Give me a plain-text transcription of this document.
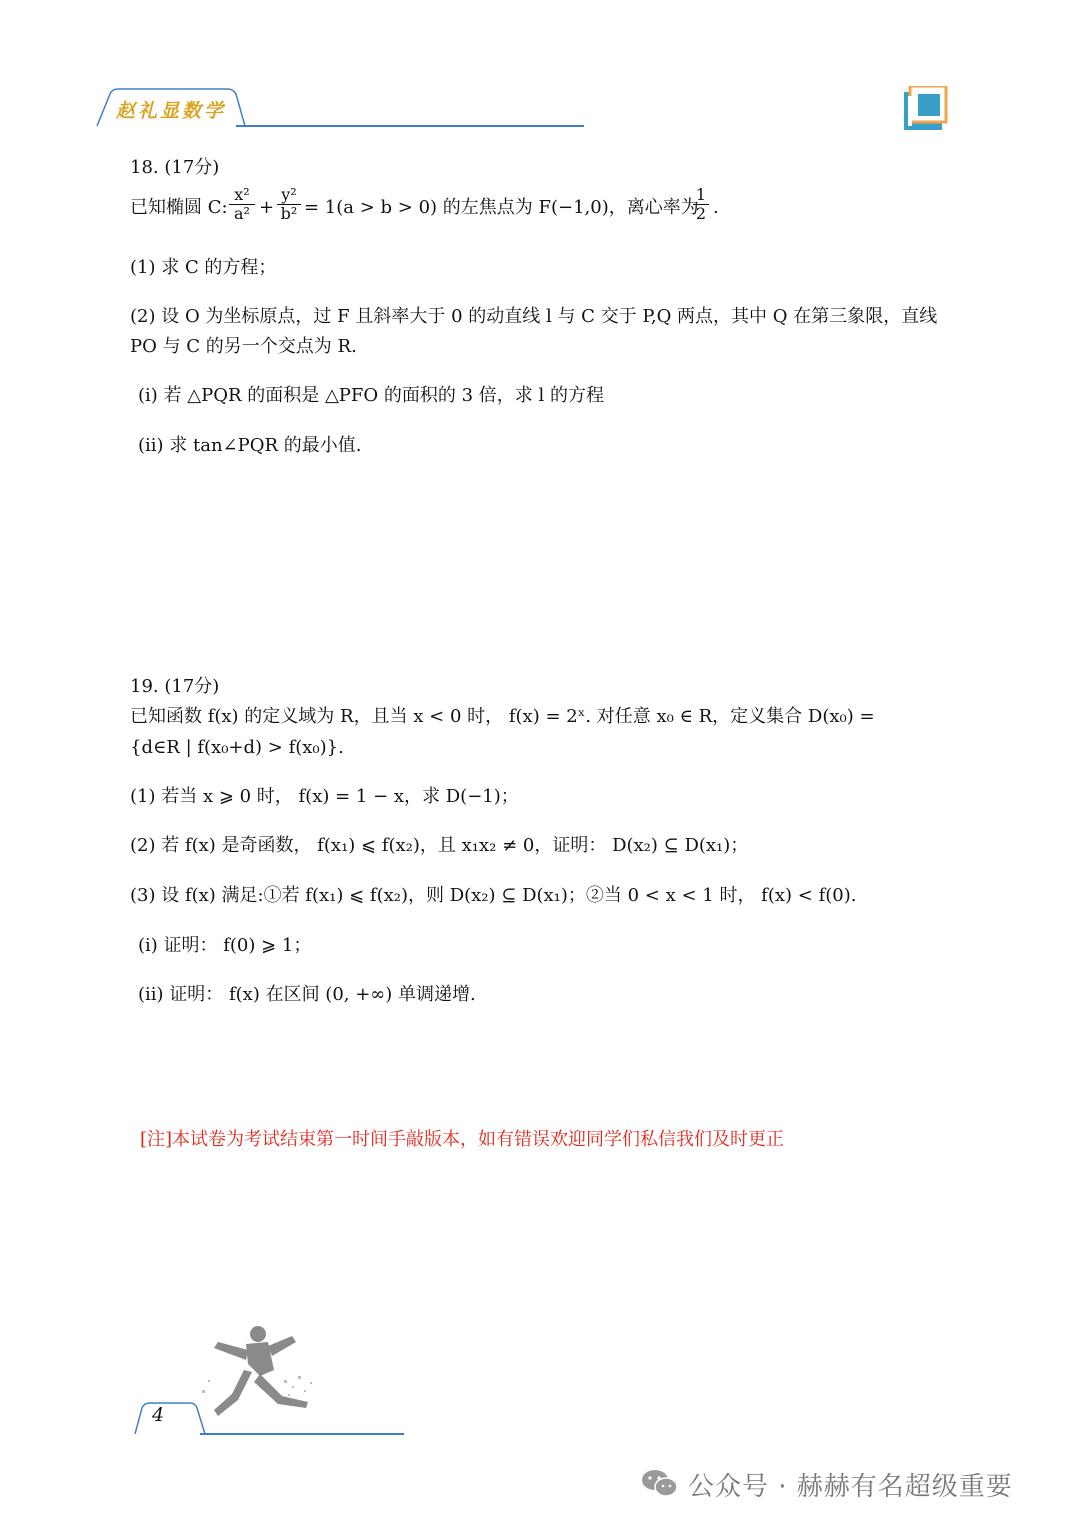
赵礼显数学
18. (17分)
已知椭圆 C: $\frac{\text{x²}}{\text{a²}} + \frac{\text{y²}}{\text{b²}} = 1(a > b > 0)$ 的左焦点为 F(−1,0)，离心率为
$\frac{1}{2}$ .
(1) 求 C 的方程；
(2) 设 O 为坐标原点，过 F 且斜率大于 0 的动直线 l 与 C 交于 P,Q 两点，其中 Q 在第三象限，直线
PO 与 C 的另一个交点为 R.
(i) 若 △PQR 的面积是 △PFO 的面积的 3 倍，求 l 的方程
(ii) 求 tan∠PQR 的最小值.
19. (17分)
已知函数 f(x) 的定义域为 R，且当 x < 0 时， f(x) = 2ˣ. 对任意 x₀ ∈ R，定义集合 D(x₀) =
{d∈R | f(x₀+d) > f(x₀)}.
(1) 若当 x ⩾ 0 时， f(x) = 1 − x，求 D(−1)；
(2) 若 f(x) 是奇函数， f(x₁) ⩽ f(x₂)，且 x₁x₂ ≠ 0，证明： D(x₂) ⊆ D(x₁)；
(3) 设 f(x) 满足:①若 f(x₁) ⩽ f(x₂)，则 D(x₂) ⊆ D(x₁)；②当 0 < x < 1 时， f(x) < f(0).
(i) 证明： f(0) ⩾ 1；
(ii) 证明： f(x) 在区间 (0, +∞) 单调递增.
[注]本试卷为考试结束第一时间手敲版本，如有错误欢迎同学们私信我们及时更正
4
公众号 · 赫赫有名超级重要
